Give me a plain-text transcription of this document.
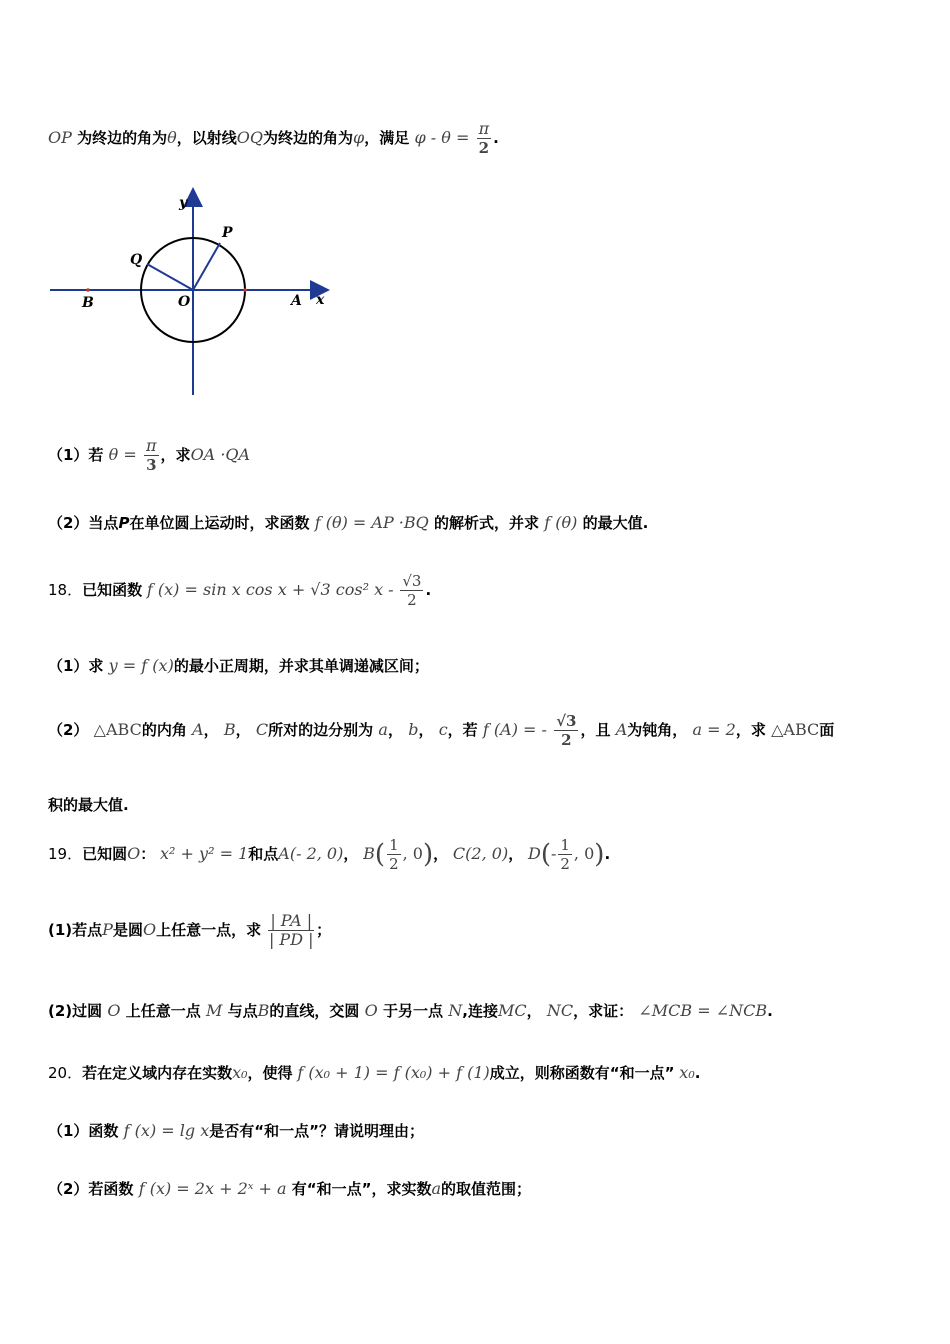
OP 为终边的角为θ，以射线OQ为终边的角为φ，满足 $\varphi - \theta = \frac{\pi}{2}$ .
y
x
P
Q
O	A
B
（1）若 $\theta = \frac{\pi}{3}$ ，求OA ·QA
（2）当点P在单位圆上运动时，求函数 f (θ) = AP ·BQ 的解析式，并求 f (θ) 的最大值.
18．已知函数 f (x) = sin x cos x + √3 cos² x - $\frac{√3}{2}$ .
（1）求 y = f (x)的最小正周期，并求其单调递减区间；
（2） △ABC的内角 A， B， C所对的边分别为 a， b， c，若 f (A) = - $\frac{√3}{2}$ ，且 A为钝角， a = 2，求 △ABC面
积的最大值.
19．已知圆O： x² + y² = 1和点A(- 2, 0)， $B( \frac{1}{2}$ , 0)， C(2, 0)， $D(- \frac{1}{2}$ , 0).
(1)若点P是圆O上任意一点，求 $\frac{| PA |}{| PD |}$ ；
(2)过圆 O 上任意一点 M 与点B的直线，交圆 O 于另一点 N,连接MC， NC，求证： ∠MCB = ∠NCB.
20．若在定义域内存在实数x₀，使得 f (x₀ + 1) = f (x₀) + f (1)成立，则称函数有“和一点” x₀.
（1）函数 f (x) = lg x是否有“和一点”？请说明理由；
（2）若函数 f (x) = 2x + 2ˣ + a 有“和一点”，求实数a的取值范围；
